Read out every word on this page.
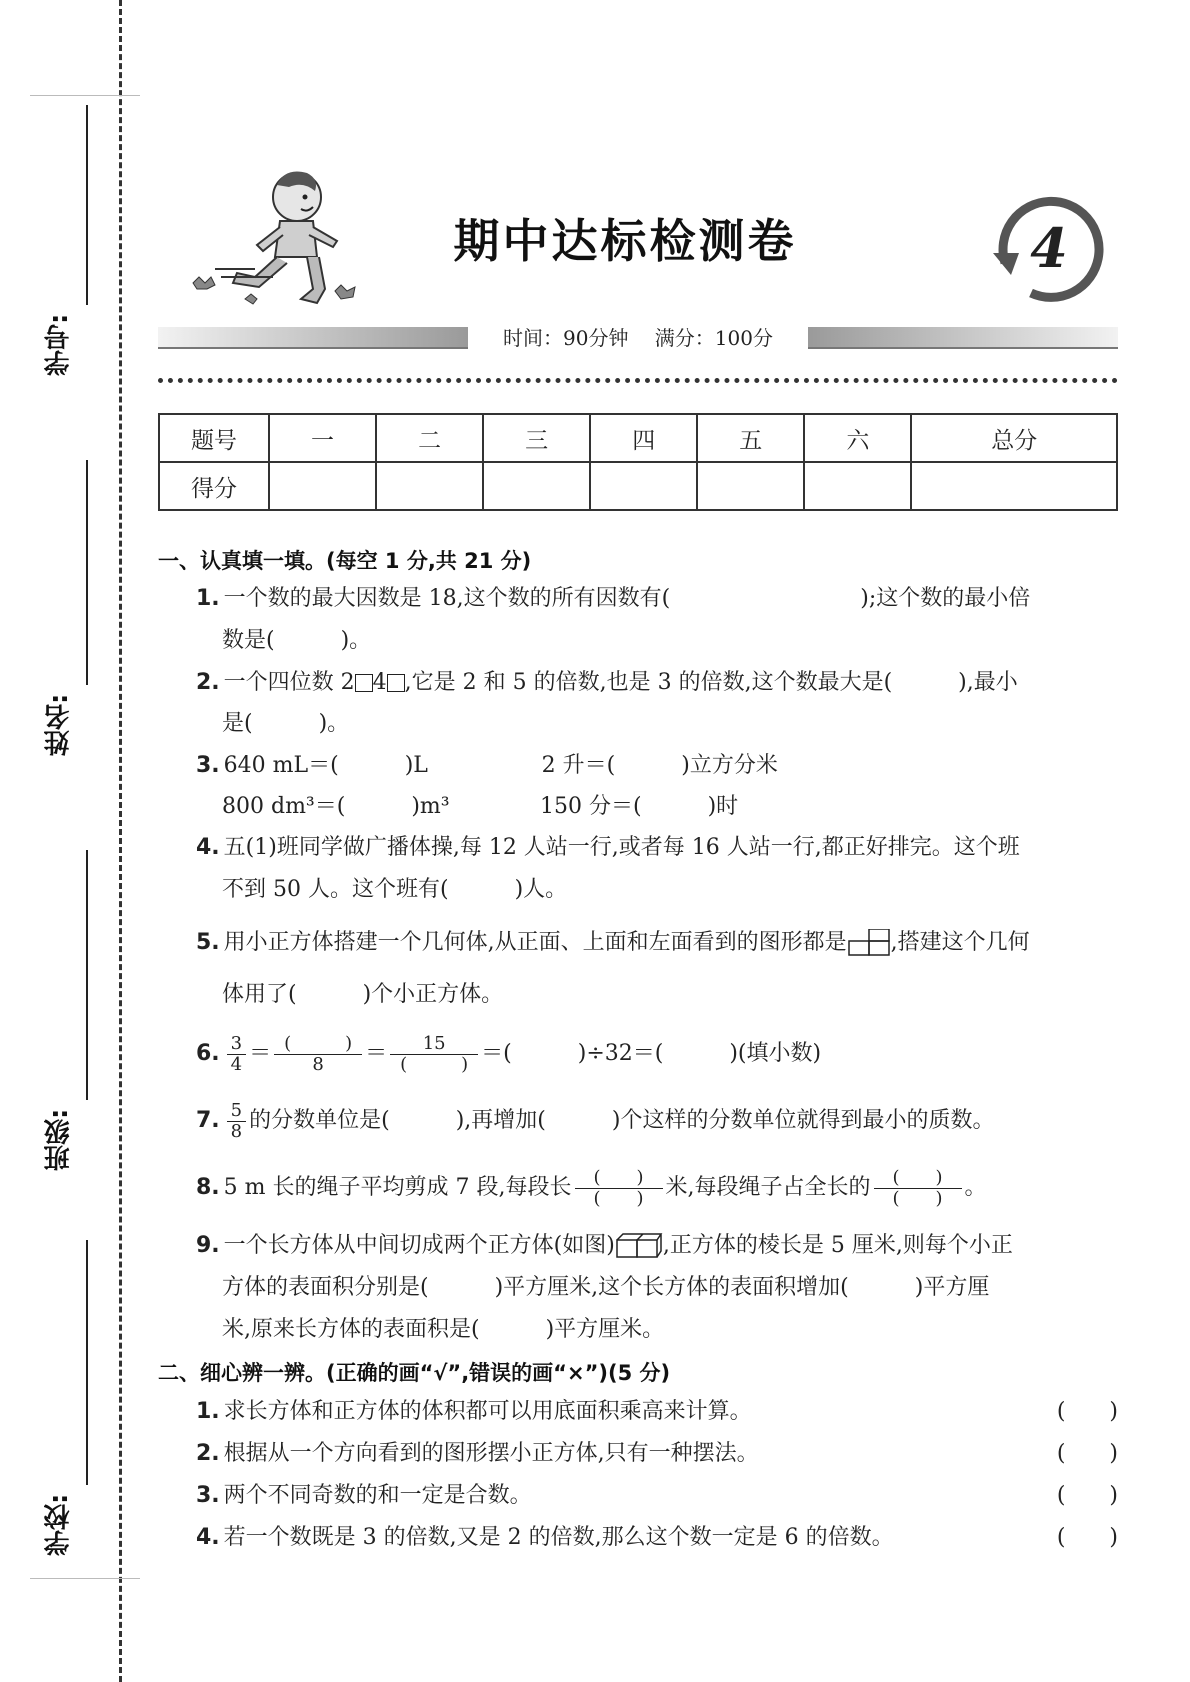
学号:
姓名:
班级:
学校:
期中达标检测卷	4
时间：90分钟　 满分：100分
题号	一	二	三	四	五	六	总分
得分							
一、认真填一填。(每空 1 分,共 21 分)
1. 一个数的最大因数是 18,这个数的所有因数有(	);这个数的最小倍
数是(　　　)。
2. 一个四位数 2 4 ,它是 2 和 5 的倍数,也是 3 的倍数,这个数最大是(　　　),最小
是(　　　)。
3. 640 mL＝(　　　)L	2 升＝(　　　)立方分米
800 dm³＝(　　　)m³	150 分＝(　　　)时
4. 五(1)班同学做广播体操,每 12 人站一行,或者每 16 人站一行,都正好排完。这个班
不到 50 人。这个班有(　　　)人。
5. 用小正方体搭建一个几何体,从正面、上面和左面看到的图形都是 ,搭建这个几何
体用了(　　　)个小正方体。
6. $\frac{3}{4} = \frac{( )}{8} = \frac{15}{( )}$ ＝(　　　)÷32＝(　　　)(填小数)
7. $\frac{5}{8}$ 的分数单位是(　　　),再增加(　　　)个这样的分数单位就得到最小的质数。
8. 5 m 长的绳子平均剪成 7 段,每段长 $\frac{( )}{( )}$ 米,每段绳子占全长的 $\frac{( )}{( )}$ 。
9. 一个长方体从中间切成两个正方体(如图) ,正方体的棱长是 5 厘米,则每个小正
方体的表面积分别是(　　　)平方厘米,这个长方体的表面积增加(　　　)平方厘
米,原来长方体的表面积是(　　　)平方厘米。
二、细心辨一辨。(正确的画“√”,错误的画“×”)(5 分)
1. 求长方体和正方体的体积都可以用底面积乘高来计算。	(　　)
2. 根据从一个方向看到的图形摆小正方体,只有一种摆法。	(　　)
3. 两个不同奇数的和一定是合数。	(　　)
4. 若一个数既是 3 的倍数,又是 2 的倍数,那么这个数一定是 6 的倍数。	(　　)
